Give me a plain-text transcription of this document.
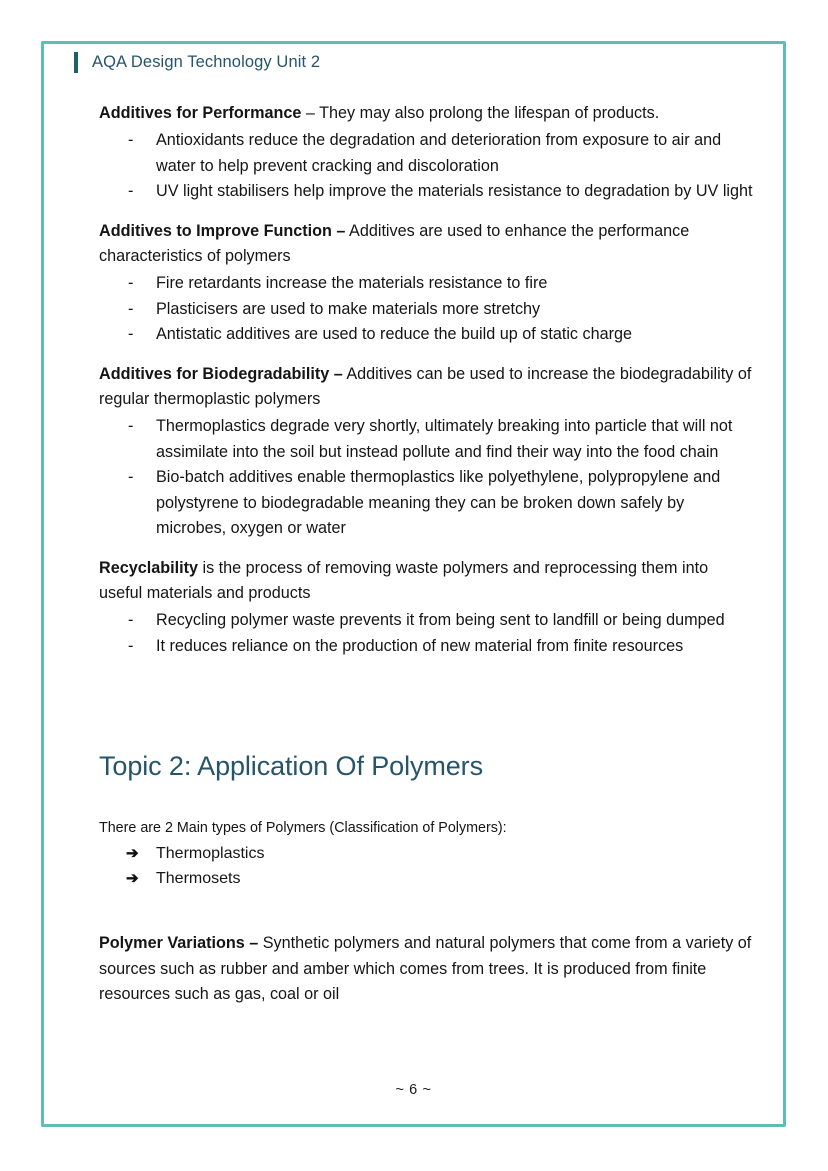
AQA Design Technology Unit 2

Additives for Performance – They may also prolong the lifespan of products.

- Antioxidants reduce the degradation and deterioration from exposure to air and water to help prevent cracking and discoloration
- UV light stabilisers help improve the materials resistance to degradation by UV light

Additives to Improve Function – Additives are used to enhance the performance characteristics of polymers

- Fire retardants increase the materials resistance to fire
- Plasticisers are used to make materials more stretchy
- Antistatic additives are used to reduce the build up of static charge

Additives for Biodegradability – Additives can be used to increase the biodegradability of regular thermoplastic polymers

- Thermoplastics degrade very shortly, ultimately breaking into particle that will not assimilate into the soil but instead pollute and find their way into the food chain
- Bio-batch additives enable thermoplastics like polyethylene, polypropylene and polystyrene to biodegradable meaning they can be broken down safely by microbes, oxygen or water

Recyclability is the process of removing waste polymers and reprocessing them into useful materials and products

- Recycling polymer waste prevents it from being sent to landfill or being dumped
- It reduces reliance on the production of new material from finite resources
Topic 2: Application Of Polymers

There are 2 Main types of Polymers (Classification of Polymers):

➔ Thermoplastics
➔ Thermosets

Polymer Variations – Synthetic polymers and natural polymers that come from a variety of sources such as rubber and amber which comes from trees. It is produced from finite resources such as gas, coal or oil

~ 6 ~
